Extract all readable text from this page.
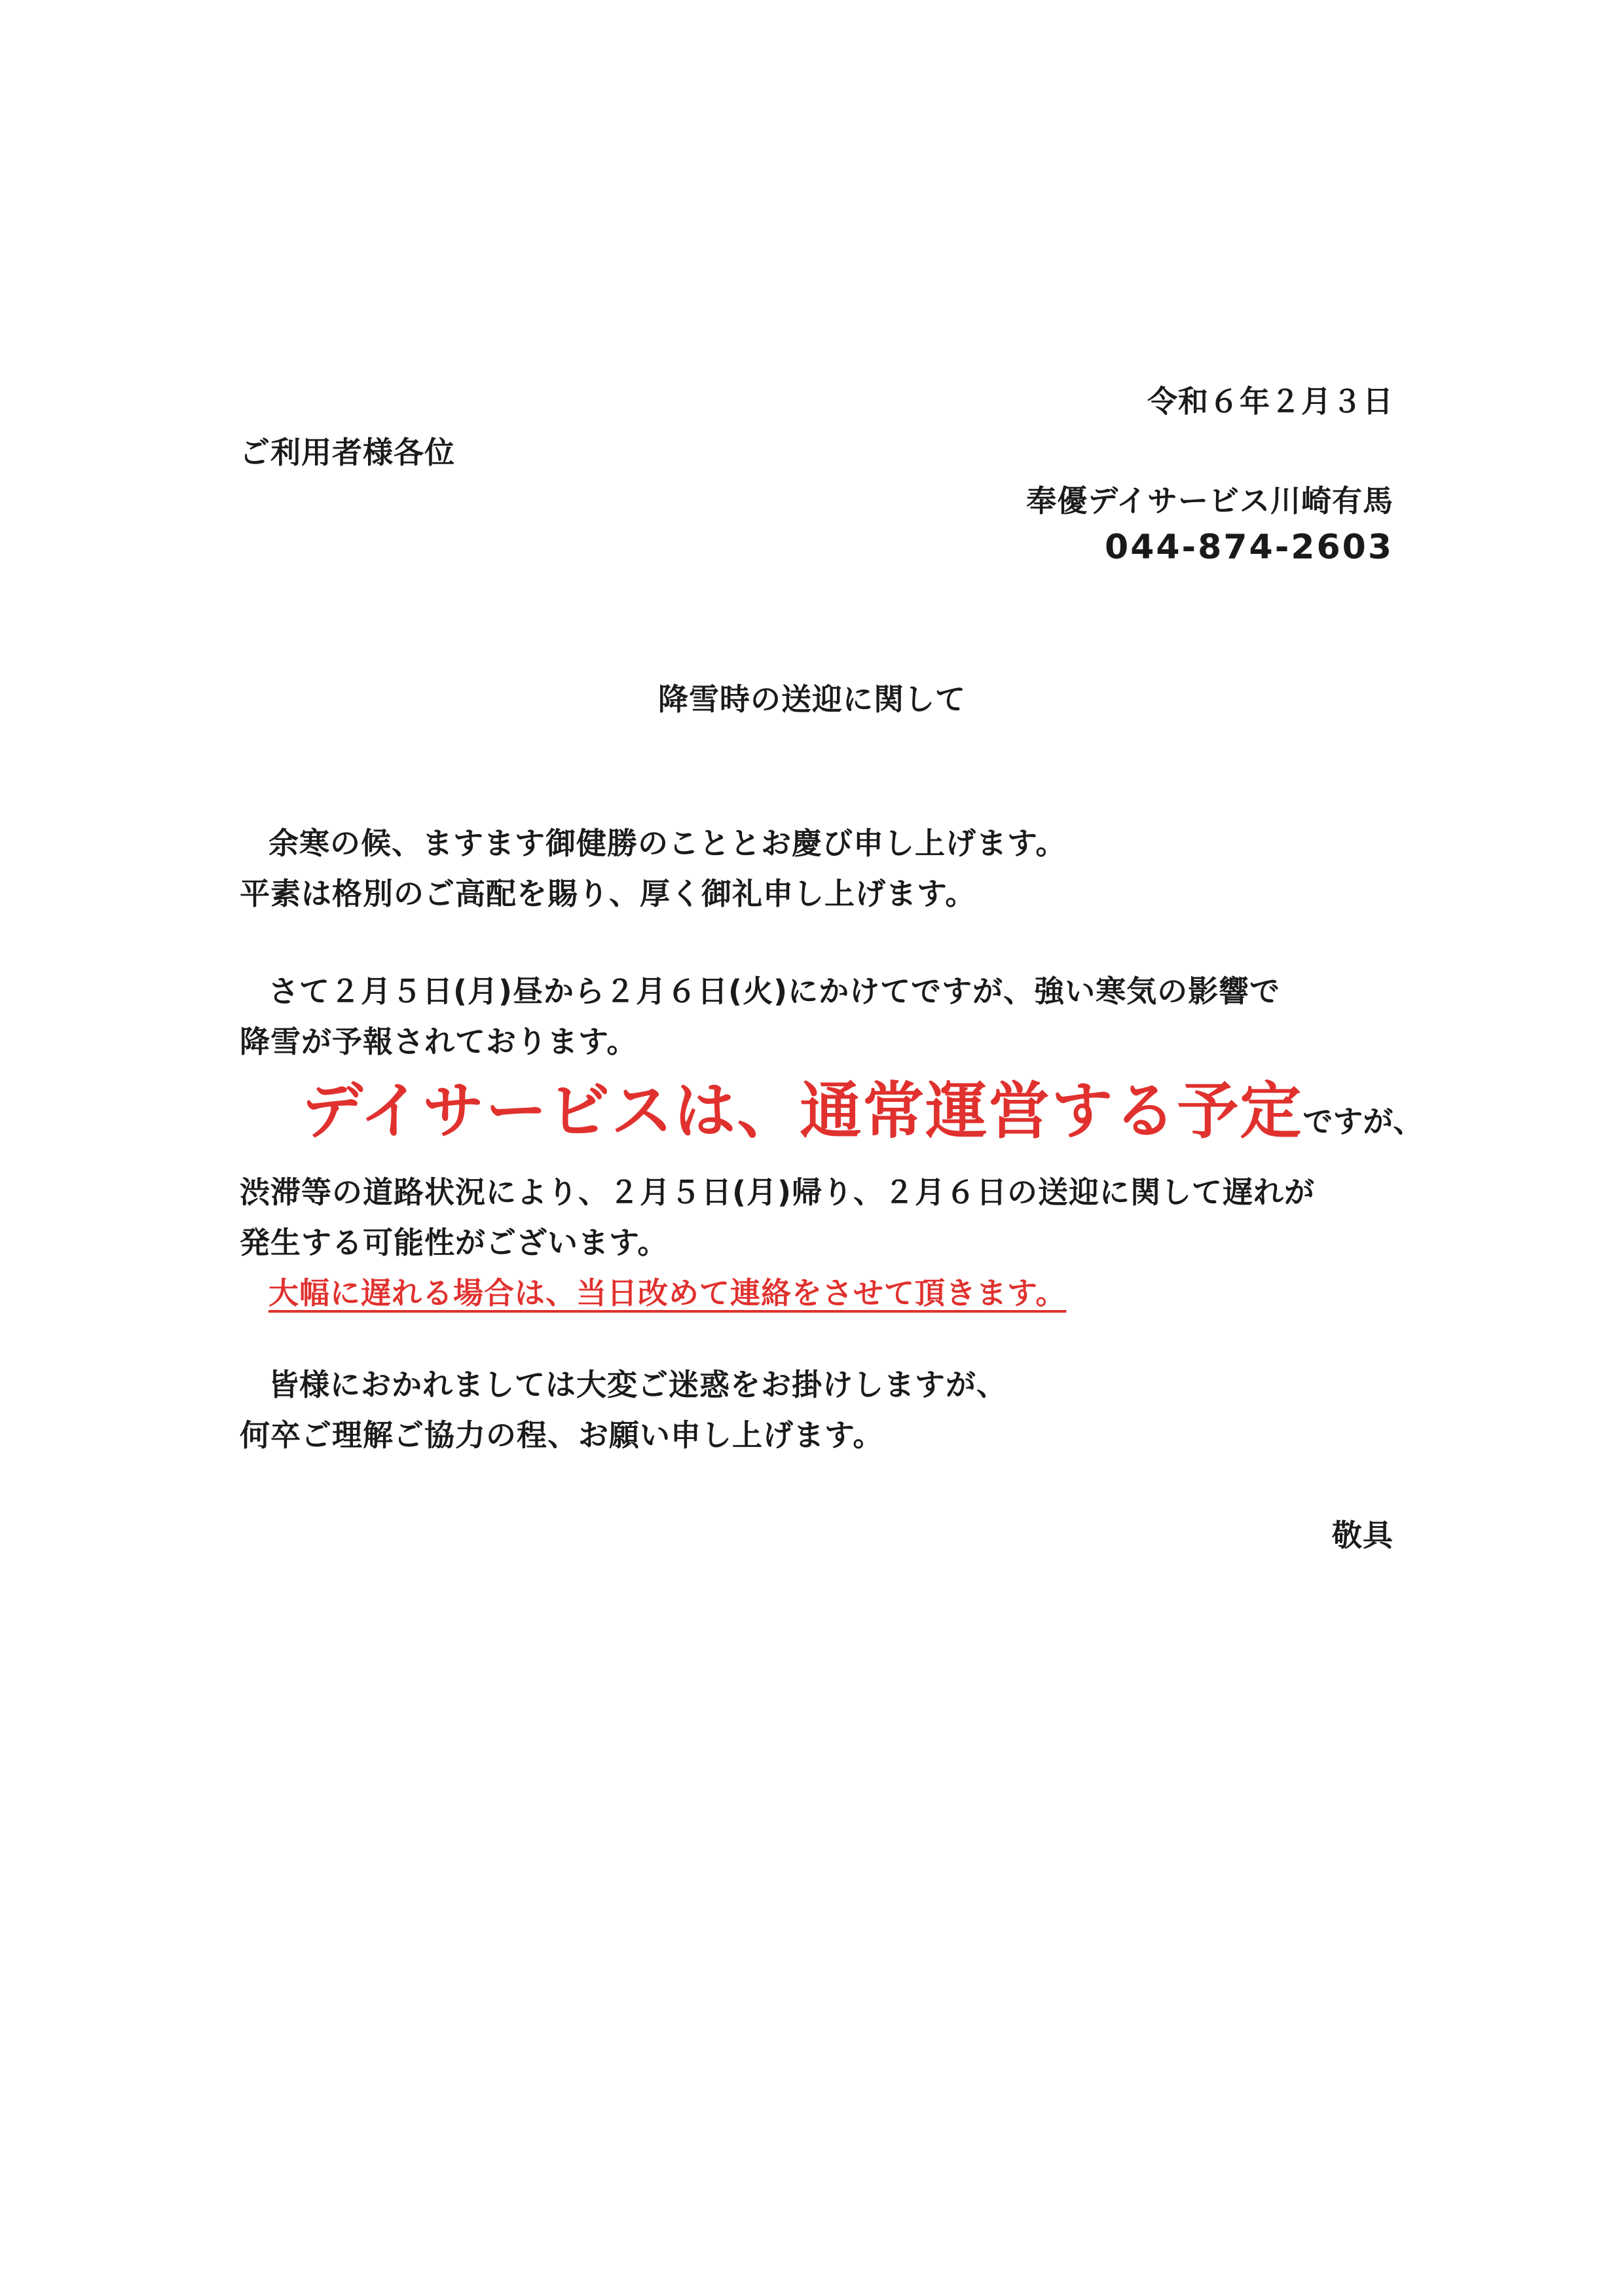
令和６年２月３日
ご利用者様各位
奉優デイサービス川崎有馬
044-874-2603
降雪時の送迎に関して
余寒の候、ますます御健勝のこととお慶び申し上げます。
平素は格別のご高配を賜り、厚く御礼申し上げます。
さて２月５日(月)昼から２月６日(火)にかけてですが、強い寒気の影響で
降雪が予報されております。
デイサービスは、通常運営する予定ですが、
渋滞等の道路状況により、２月５日(月)帰り、２月６日の送迎に関して遅れが
発生する可能性がございます。
大幅に遅れる場合は、当日改めて連絡をさせて頂きます。
皆様におかれましては大変ご迷惑をお掛けしますが、
何卒ご理解ご協力の程、お願い申し上げます。
敬具
